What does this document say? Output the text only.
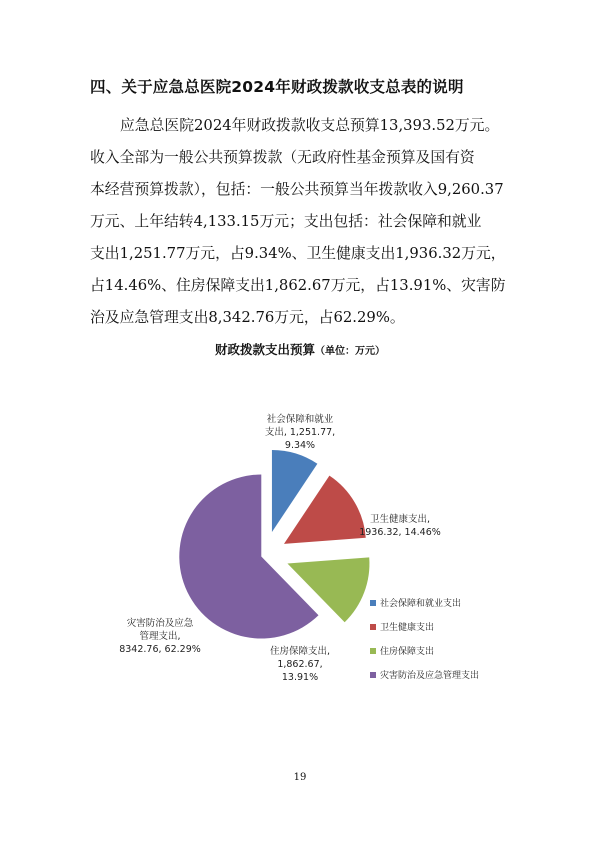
四、关于应急总医院2024年财政拨款收支总表的说明
应急总医院2024年财政拨款收支总预算13,393.52万元。
收入全部为一般公共预算拨款（无政府性基金预算及国有资
本经营预算拨款），包括：一般公共预算当年拨款收入9,260.37
万元、上年结转4,133.15万元；支出包括：社会保障和就业
支出1,251.77万元，占9.34%、卫生健康支出1,936.32万元，
占14.46%、住房保障支出1,862.67万元，占13.91%、灾害防
治及应急管理支出8,342.76万元，占62.29%。
财政拨款支出预算（单位：万元）
社会保障和就业支出, 1,251.77, 9.34%
卫生健康支出, 1936.32, 14.46%
住房保障支出, 1,862.67, 13.91%
灾害防治及应急管理支出, 8342.76, 62.29%
社会保障和就业支出
卫生健康支出
住房保障支出
灾害防治及应急管理支出
19
